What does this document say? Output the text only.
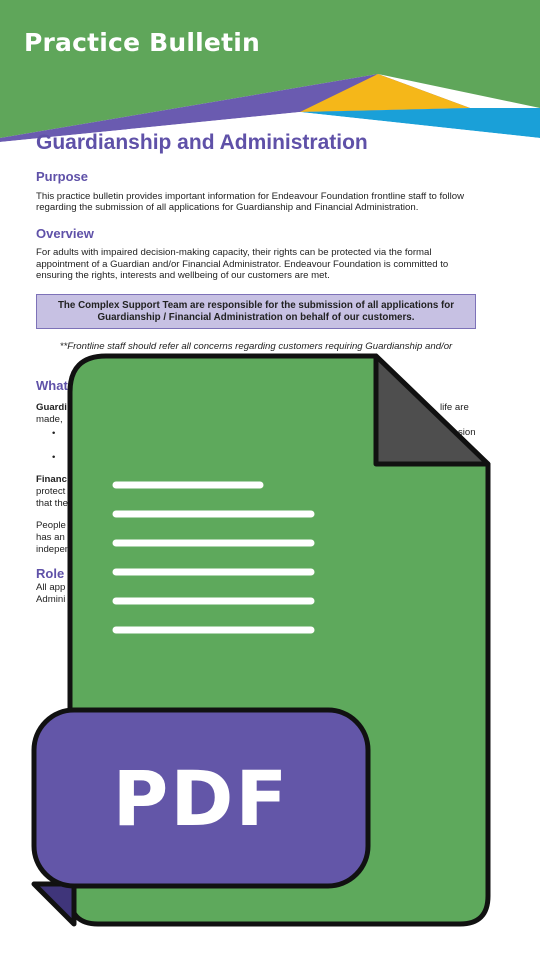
Practice Bulletin
Guardianship and Administration
Purpose

This practice bulletin provides important information for Endeavour Foundation frontline staff to follow regarding the submission of all applications for Guardianship and Financial Administration.

Overview

For adults with impaired decision-making capacity, their rights can be protected via the formal appointment of a Guardian and/or Financial Administrator. Endeavour Foundation is committed to ensuring the rights, interests and wellbeing of our customers are met.

The Complex Support Team are responsible for the submission of all applications for Guardianship / Financial Administration on behalf of our customers.
**Frontline staff should refer all concerns regarding customers requiring Guardianship and/or
What
Guardi	life are
made,
•	sion
•
Financ
protect
that the
People
has an
indepen
Role
All app
Admini
PDF
